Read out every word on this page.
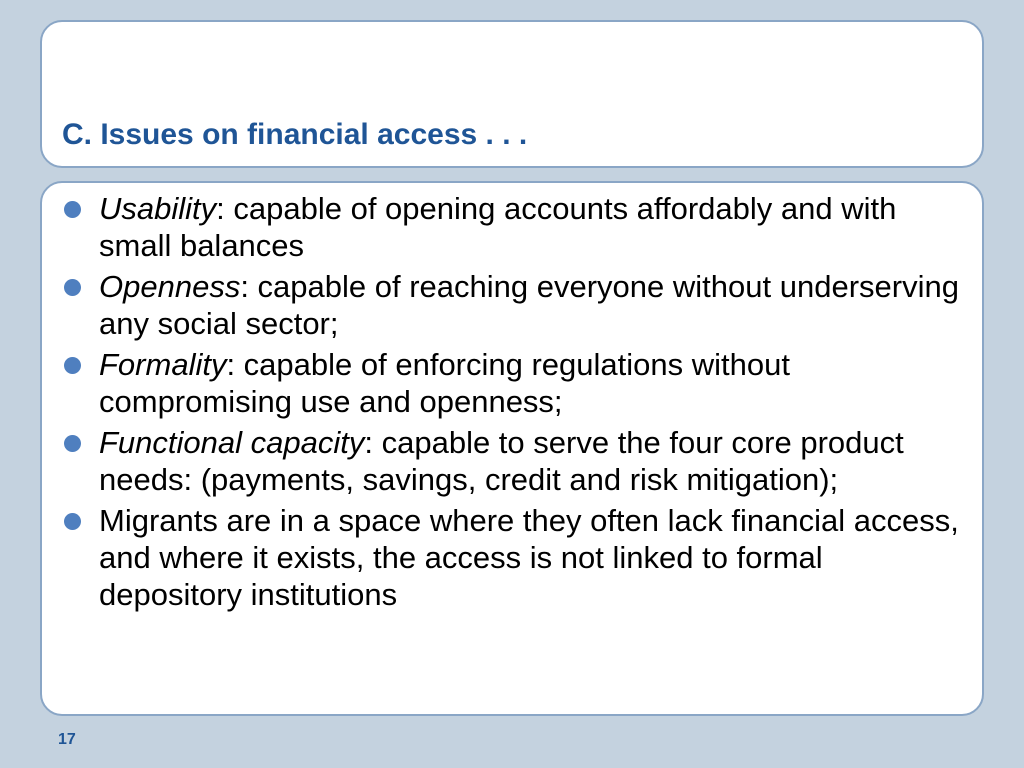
C. Issues on financial access . . .
Usability: capable of opening accounts affordably and with small balances
Openness: capable of reaching everyone without underserving any social sector;
Formality: capable of enforcing regulations without compromising use and openness;
Functional capacity: capable to serve the four core product needs: (payments, savings, credit and risk mitigation);
Migrants are in a space where they often lack financial access, and where it exists, the access is not linked to formal depository institutions
17
